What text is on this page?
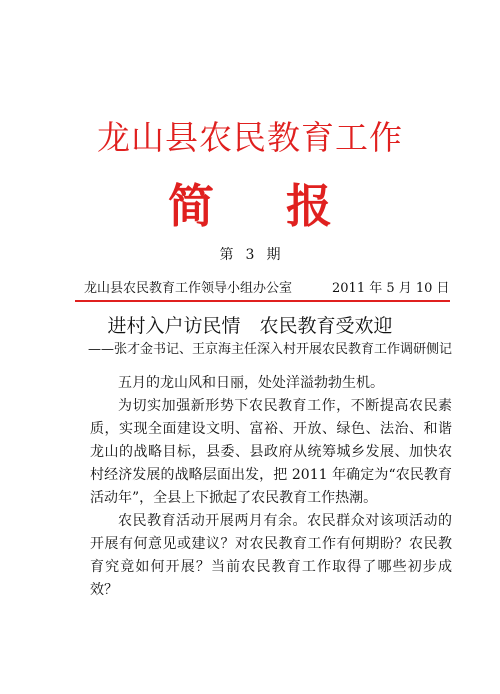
龙山县农民教育工作
简 报
第 3 期
龙山县农民教育工作领导小组办公室	2011 年 5 月 10 日
进村入户访民情　农民教育受欢迎
——张才金书记、王京海主任深入村开展农民教育工作调研侧记

五月的龙山风和日丽，处处洋溢勃勃生机。

为切实加强新形势下农民教育工作，不断提高农民素质，实现全面建设文明、富裕、开放、绿色、法治、和谐龙山的战略目标，县委、县政府从统筹城乡发展、加快农村经济发展的战略层面出发，把 2011 年确定为“农民教育活动年”，全县上下掀起了农民教育工作热潮。

农民教育活动开展两月有余。农民群众对该项活动的开展有何意见或建议？对农民教育工作有何期盼？农民教育究竟如何开展？当前农民教育工作取得了哪些初步成效？
